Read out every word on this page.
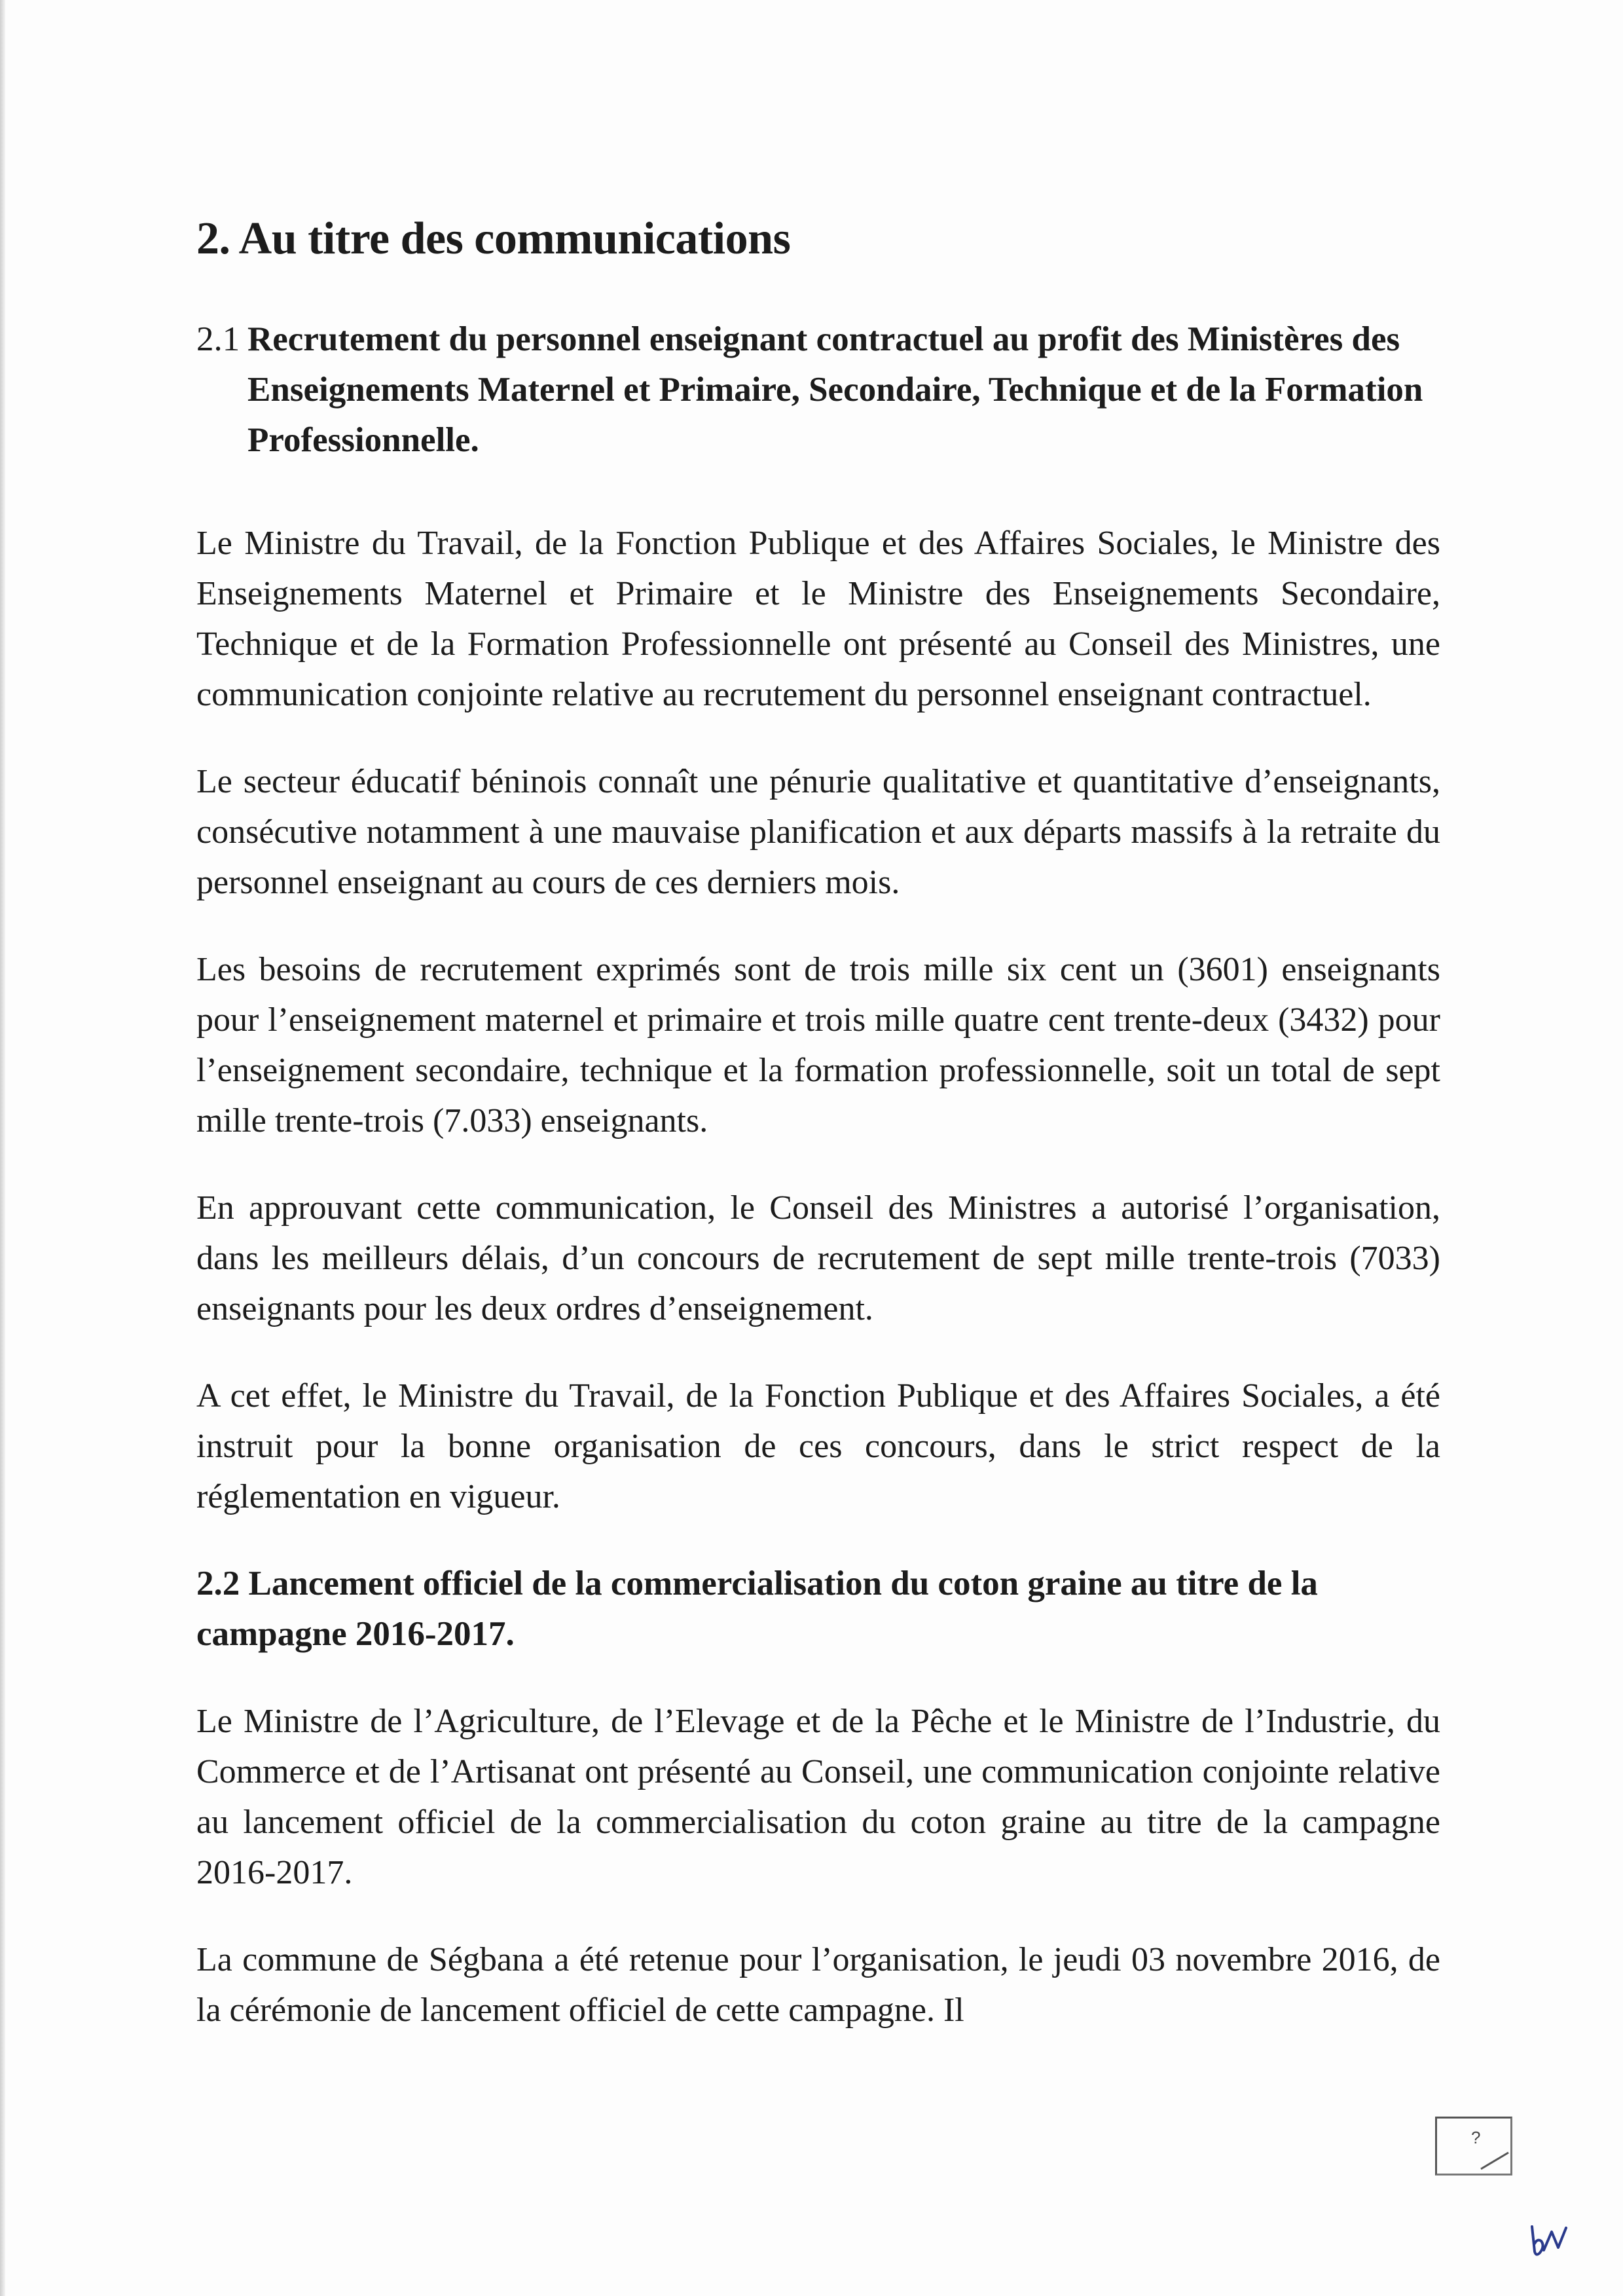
2. Au titre des communications
2.1 Recrutement du personnel enseignant contractuel au profit des Ministères des Enseignements Maternel et Primaire, Secondaire, Technique et de la Formation Professionnelle.

Le Ministre du Travail, de la Fonction Publique et des Affaires Sociales, le Ministre des Enseignements Maternel et Primaire et le Ministre des Enseignements Secondaire, Technique et de la Formation Professionnelle ont présenté au Conseil des Ministres, une communication conjointe relative au recrutement du personnel enseignant contractuel.

Le secteur éducatif béninois connaît une pénurie qualitative et quantitative d’enseignants, consécutive notamment à une mauvaise planification et aux départs massifs à la retraite du personnel enseignant au cours de ces derniers mois.

Les besoins de recrutement exprimés sont de trois mille six cent un (3601) enseignants pour l’enseignement maternel et primaire et trois mille quatre cent trente-deux (3432) pour l’enseignement secondaire, technique et la formation professionnelle, soit un total de sept mille trente-trois (7.033) enseignants.

En approuvant cette communication, le Conseil des Ministres a autorisé l’organisation, dans les meilleurs délais, d’un concours de recrutement de sept mille trente-trois (7033) enseignants pour les deux ordres d’enseignement.

A cet effet, le Ministre du Travail, de la Fonction Publique et des Affaires Sociales, a été instruit pour la bonne organisation de ces concours, dans le strict respect de la réglementation en vigueur.

2.2 Lancement officiel de la commercialisation du coton graine au titre de la campagne 2016-2017.

Le Ministre de l’Agriculture, de l’Elevage et de la Pêche et le Ministre de l’Industrie, du Commerce et de l’Artisanat ont présenté au Conseil, une communication conjointe relative au lancement officiel de la commercialisation du coton graine au titre de la campagne 2016-2017.

La commune de Ségbana a été retenue pour l’organisation, le jeudi 03 novembre 2016, de la cérémonie de lancement officiel de cette campagne. Il

?
